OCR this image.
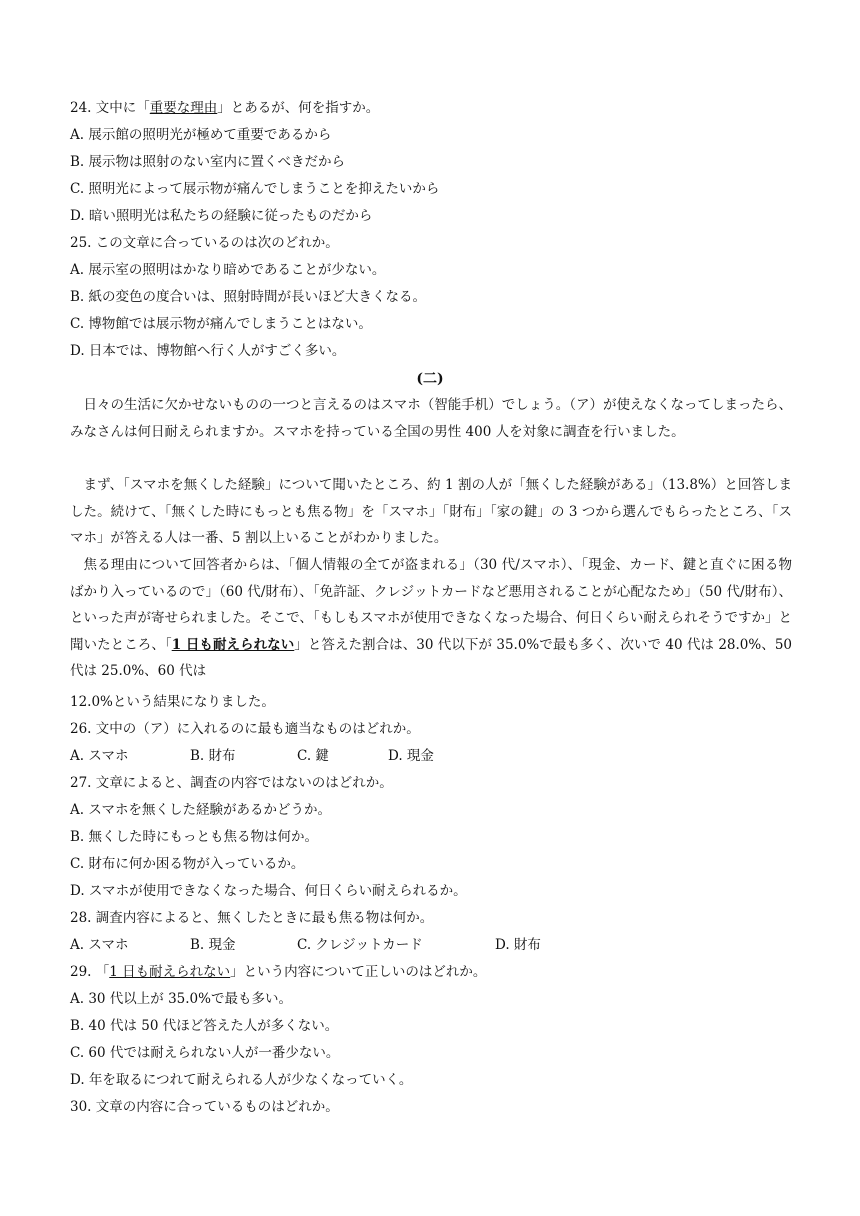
24. 文中に「重要な理由」とあるが、何を指すか。
A. 展示館の照明光が極めて重要であるから
B. 展示物は照射のない室内に置くべきだから
C. 照明光によって展示物が痛んでしまうことを抑えたいから
D. 暗い照明光は私たちの経験に従ったものだから
25. この文章に合っているのは次のどれか。
A. 展示室の照明はかなり暗めであることが少ない。
B. 紙の変色の度合いは、照射時間が長いほど大きくなる。
C. 博物館では展示物が痛んでしまうことはない。
D. 日本では、博物館へ行く人がすごく多い。
(二)
日々の生活に欠かせないものの一つと言えるのはスマホ（智能手机）でしょう。（ア）が使えなくなってしまったら、みなさんは何日耐えられますか。スマホを持っている全国の男性 400 人を対象に調査を行いました。
まず、「スマホを無くした経験」について聞いたところ、約 1 割の人が「無くした経験がある」（13.8%）と回答しました。続けて、「無くした時にもっとも焦る物」を「スマホ」「財布」「家の鍵」の 3 つから選んでもらったところ、「スマホ」が答える人は一番、5 割以上いることがわかりました。
焦る理由について回答者からは、「個人情報の全てが盗まれる」（30 代/スマホ）、「現金、カード、鍵と直ぐに困る物ばかり入っているので」（60 代/財布）、「免許証、クレジットカードなど悪用されることが心配なため」（50 代/財布）、といった声が寄せられました。そこで、「もしもスマホが使用できなくなった場合、何日くらい耐えられそうですか」と聞いたところ、「1 日も耐えられない」と答えた割合は、30 代以下が 35.0%で最も多く、次いで 40 代は 28.0%、50 代は 25.0%、60 代は
12.0%という結果になりました。
26. 文中の（ア）に入れるのに最も適当なものはどれか。
A. スマホ	B. 財布	C. 鍵	D. 現金
27. 文章によると、調査の内容ではないのはどれか。
A. スマホを無くした経験があるかどうか。
B. 無くした時にもっとも焦る物は何か。
C. 財布に何か困る物が入っているか。
D. スマホが使用できなくなった場合、何日くらい耐えられるか。
28. 調査内容によると、無くしたときに最も焦る物は何か。
A. スマホ	B. 現金	C. クレジットカード	D. 財布
29. 「1 日も耐えられない」という内容について正しいのはどれか。
A. 30 代以上が 35.0%で最も多い。
B. 40 代は 50 代ほど答えた人が多くない。
C. 60 代では耐えられない人が一番少ない。
D. 年を取るにつれて耐えられる人が少なくなっていく。
30. 文章の内容に合っているものはどれか。
